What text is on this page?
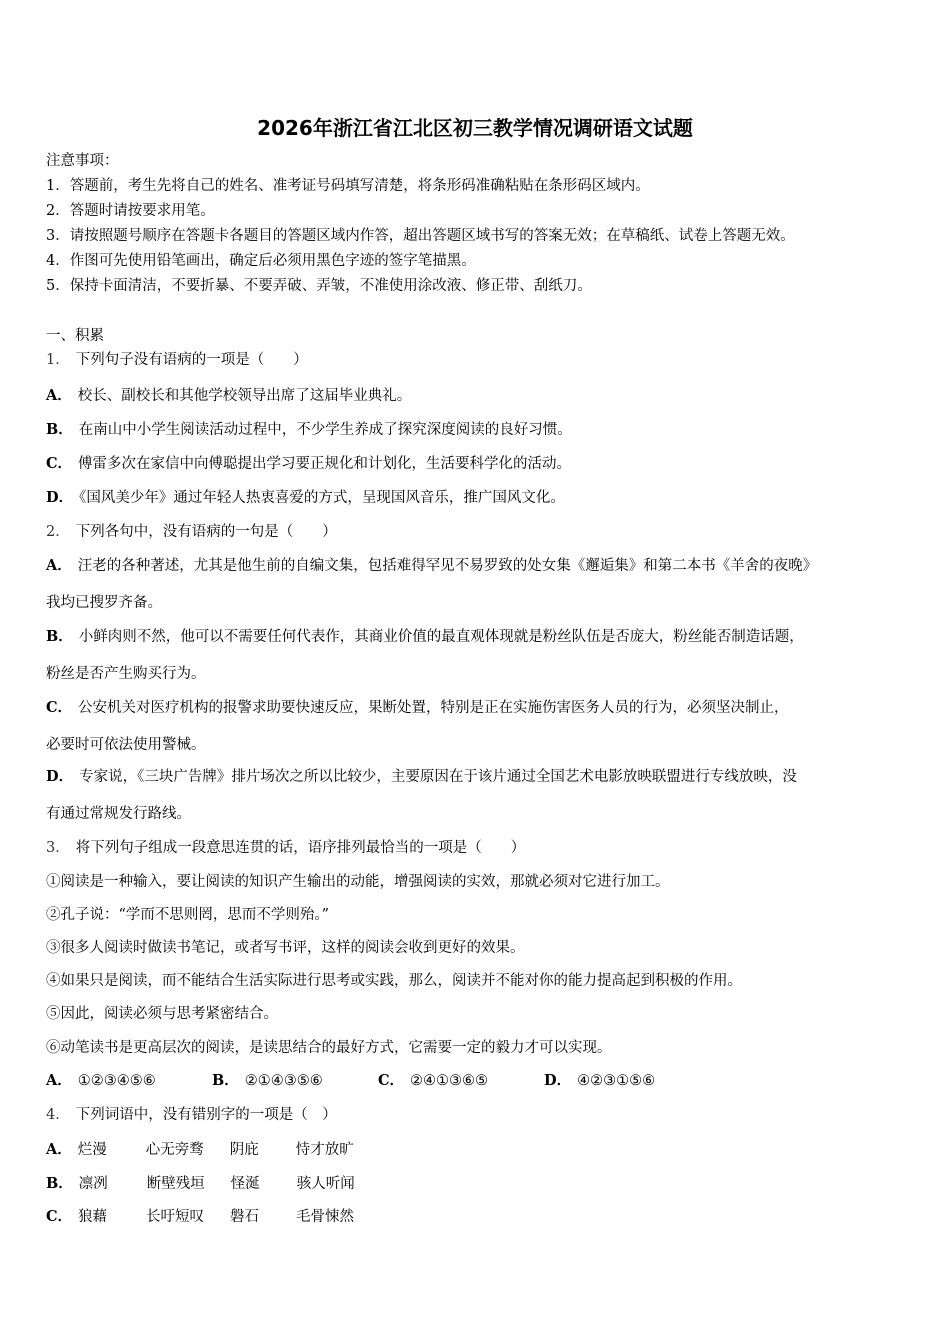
2026年浙江省江北区初三教学情况调研语文试题
注意事项：
1．答题前，考生先将自己的姓名、准考证号码填写清楚，将条形码准确粘贴在条形码区域内。
2．答题时请按要求用笔。
3．请按照题号顺序在答题卡各题目的答题区域内作答，超出答题区域书写的答案无效；在草稿纸、试卷上答题无效。
4．作图可先使用铅笔画出，确定后必须用黑色字迹的签字笔描黑。
5．保持卡面清洁，不要折暴、不要弄破、弄皱，不准使用涂改液、修正带、刮纸刀。
一、积累
1． 下列句子没有语病的一项是（　　）
A． 校长、副校长和其他学校领导出席了这届毕业典礼。
B． 在南山中小学生阅读活动过程中，不少学生养成了探究深度阅读的良好习惯。
C． 傅雷多次在家信中向傅聪提出学习要正规化和计划化，生活要科学化的活动。
D． 《国风美少年》通过年轻人热衷喜爱的方式，呈现国风音乐，推广国风文化。
2． 下列各句中，没有语病的一句是（　　）
A． 汪老的各种著述，尤其是他生前的自编文集，包括难得罕见不易罗致的处女集《邂逅集》和第二本书《羊舍的夜晚》
我均已搜罗齐备。
B． 小鲜肉则不然，他可以不需要任何代表作，其商业价值的最直观体现就是粉丝队伍是否庞大，粉丝能否制造话题，
粉丝是否产生购买行为。
C． 公安机关对医疗机构的报警求助要快速反应，果断处置，特别是正在实施伤害医务人员的行为，必须坚决制止，
必要时可依法使用警械。
D． 专家说，《三块广告牌》排片场次之所以比较少，主要原因在于该片通过全国艺术电影放映联盟进行专线放映，没
有通过常规发行路线。
3． 将下列句子组成一段意思连贯的话，语序排列最恰当的一项是（　　）
①阅读是一种输入，要让阅读的知识产生输出的动能，增强阅读的实效，那就必须对它进行加工。
②孔子说：“学而不思则罔，思而不学则殆。”
③很多人阅读时做读书笔记，或者写书评，这样的阅读会收到更好的效果。
④如果只是阅读，而不能结合生活实际进行思考或实践，那么，阅读并不能对你的能力提高起到积极的作用。
⑤因此，阅读必须与思考紧密结合。
⑥动笔读书是更高层次的阅读，是读思结合的最好方式，它需要一定的毅力才可以实现。
A． ①②③④⑤⑥	B． ②①④③⑤⑥	C． ②④①③⑥⑤	D． ④②③①⑤⑥
4． 下列词语中，没有错别字的一项是（　）
A． 烂漫	心无旁骛 阴庇	恃才放旷
B． 凛冽	断壁残垣 怪涎	骇人听闻
C． 狼藉	长吁短叹 磐石	毛骨悚然
